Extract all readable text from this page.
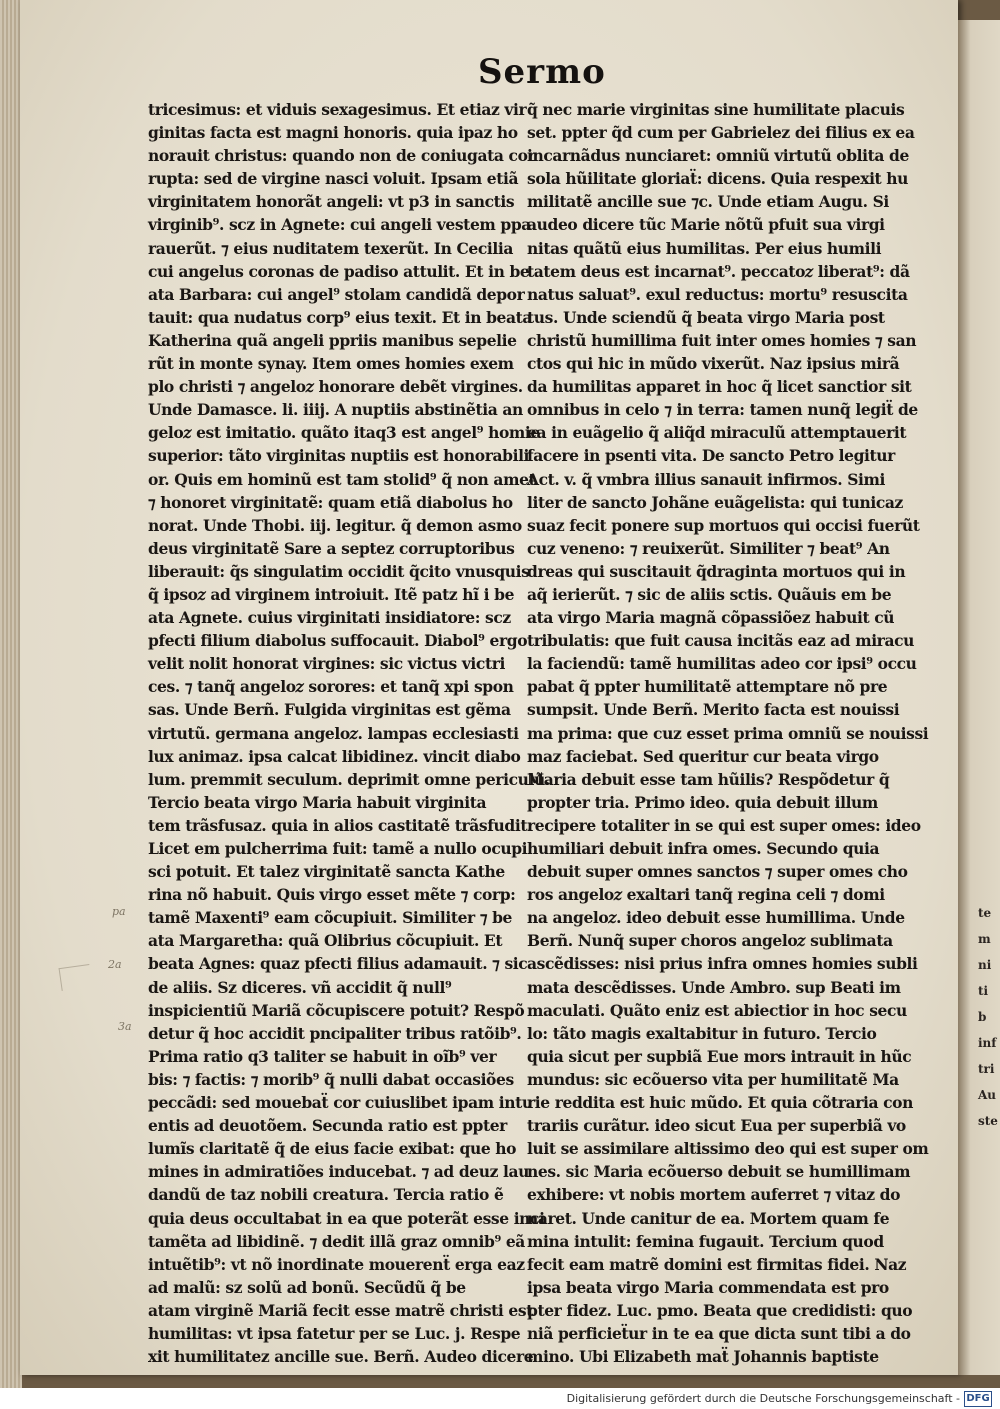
Sermo
tricesimus: et viduis sexagesimus. Et etiaz vir
ginitas facta est magni honoris. quia ipaz ho
norauit christus: quando non de coniugata cor
rupta: sed de virgine nasci voluit. Ipsam etiã
virginitatem honorãt angeli: vt p3 in sanctis
virginib⁹. scz in Agnete: cui angeli vestem ppa
rauerũt. ⁊ eius nuditatem texerũt. In Cecilia
cui angelus coronas de padiso attulit. Et in be
ata Barbara: cui angel⁹ stolam candidã depor
tauit: qua nudatus corp⁹ eius texit. Et in beata
Katherina quã angeli ppriis manibus sepelie
rũt in monte synay. Item omes homies exem
plo christi ⁊ angelo𝑧 honorare debẽt virgines.
Unde Damasce. li. iiij. A nuptiis abstinẽtia an
gelo𝑧 est imitatio. quãto itaq3 est angel⁹ homie
superior: tãto virginitas nuptiis est honorabili
or. Quis em hominũ est tam stolid⁹ q̃ non amet
⁊ honoret virginitatẽ: quam etiã diabolus ho
norat. Unde Thobi. iij. legitur. q̃ demon asmo
deus virginitatẽ Sare a septez corruptoribus
liberauit: q̃s singulatim occidit q̃cito vnusquis
q̃ ipso𝑧 ad virginem introiuit. Itẽ patz hĩ i be
ata Agnete. cuius virginitati insidiatore: scz
pfecti filium diabolus suffocauit. Diabol⁹ ergo
velit nolit honorat virgines: sic victus victri
ces. ⁊ tanq̃ angelo𝑧 sorores: et tanq̃ xpi spon
sas. Unde Berñ. Fulgida virginitas est gẽma
virtutũ. germana angelo𝑧. lampas ecclesiasti
lux animaz. ipsa calcat libidinez. vincit diabo
lum. premmit seculum. deprimit omne periculũ.
Tercio beata virgo Maria habuit virginita
tem trãsfusaz. quia in alios castitatẽ trãsfudit.
Licet em pulcherrima fuit: tamẽ a nullo ocupi
sci potuit. Et talez virginitatẽ sancta Kathe
rina nõ habuit. Quis virgo esset mẽte ⁊ corp:
tamẽ Maxenti⁹ eam cõcupiuit. Similiter ⁊ be
ata Margaretha: quã Olibrius cõcupiuit. Et
beata Agnes: quaz pfecti filius adamauit. ⁊ sic
de aliis. Sz diceres. vñ accidit q̃ null⁹
inspicientiũ Mariã cõcupiscere potuit? Respõ
detur q̃ hoc accidit pncipaliter tribus ratõib⁹.
Prima ratio q3 taliter se habuit in oĩb⁹ ver
bis: ⁊ factis: ⁊ morib⁹ q̃ nulli dabat occasiões
peccãdi: sed mouebaẗ cor cuiuslibet ipam intu
entis ad deuotõem. Secunda ratio est ppter
lumĩs claritatẽ q̃ de eius facie exibat: que ho
mines in admiratiões inducebat. ⁊ ad deuz lau
dandũ de taz nobili creatura. Tercia ratio ẽ
quia deus occultabat in ea que poterãt esse inci
tamẽta ad libidinẽ. ⁊ dedit illã graz omnib⁹ eã
intuẽtib⁹: vt nõ inordinate mouerenẗ erga eaz
ad malũ: sz solũ ad bonũ. Secũdũ q̃ be
atam virginẽ Mariã fecit esse matrẽ christi est
humilitas: vt ipsa fatetur per se Luc. j. Respe
xit humilitatez ancille sue. Berñ. Audeo dicere
q̃ nec marie virginitas sine humilitate placuis
set. ppter q̃d cum per Gabrielez dei filius ex ea
incarnãdus nunciaret: omniũ virtutũ oblita de
sola hũilitate gloriaẗ: dicens. Quia respexit hu
militatẽ ancille sue ⁊c. Unde etiam Augu. Si
audeo dicere tũc Marie nõtũ pfuit sua virgi
nitas quãtũ eius humilitas. Per eius humili
tatem deus est incarnat⁹. peccato𝑧 liberat⁹: dã
natus saluat⁹. exul reductus: mortu⁹ resuscita
tus. Unde sciendũ q̃ beata virgo Maria post
christũ humillima fuit inter omes homies ⁊ san
ctos qui hic in mũdo vixerũt. Naz ipsius mirã
da humilitas apparet in hoc q̃ licet sanctior sit
omnibus in celo ⁊ in terra: tamen nunq̃ legiẗ de
ea in euãgelio q̃ aliq̃d miraculũ attemptauerit
facere in psenti vita. De sancto Petro legitur
Act. v. q̃ vmbra illius sanauit infirmos. Simi
liter de sancto Johãne euãgelista: qui tunicaz
suaz fecit ponere sup mortuos qui occisi fuerũt
cuz veneno: ⁊ reuixerũt. Similiter ⁊ beat⁹ An
dreas qui suscitauit q̃draginta mortuos qui in
aq̃ ierierũt. ⁊ sic de aliis sctis. Quãuis em be
ata virgo Maria magnã cõpassiõez habuit cũ
tribulatis: que fuit causa incitãs eaz ad miracu
la faciendũ: tamẽ humilitas adeo cor ipsi⁹ occu
pabat q̃ ppter humilitatẽ attemptare nõ pre
sumpsit. Unde Berñ. Merito facta est nouissi
ma prima: que cuz esset prima omniũ se nouissi
maz faciebat. Sed queritur cur beata virgo
Maria debuit esse tam hũilis? Respõdetur q̃
propter tria. Primo ideo. quia debuit illum
recipere totaliter in se qui est super omes: ideo
humiliari debuit infra omes. Secundo quia
debuit super omnes sanctos ⁊ super omes cho
ros angelo𝑧 exaltari tanq̃ regina celi ⁊ domi
na angelo𝑧. ideo debuit esse humillima. Unde
Berñ. Nunq̃ super choros angelo𝑧 sublimata
ascẽdisses: nisi prius infra omnes homies subli
mata descẽdisses. Unde Ambro. sup Beati im
maculati. Quãto eniz est abiectior in hoc secu
lo: tãto magis exaltabitur in futuro. Tercio
quia sicut per supbiã Eue mors intrauit in hũc
mundus: sic ecõuerso vita per humilitatẽ Ma
rie reddita est huic mũdo. Et quia cõtraria con
trariis curãtur. ideo sicut Eua per superbiã vo
luit se assimilare altissimo deo qui est super om
nes. sic Maria ecõuerso debuit se humillimam
exhibere: vt nobis mortem auferret ⁊ vitaz do
naret. Unde canitur de ea. Mortem quam fe
mina intulit: femina fugauit. Tercium quod
fecit eam matrẽ domini est firmitas fidei. Naz
ipsa beata virgo Maria commendata est pro
pter fidez. Luc. pmo. Beata que credidisti: quo
niã perficieẗur in te ea que dicta sunt tibi a do
mino. Ubi Elizabeth maẗ Johannis baptiste
pa
2a
3a
te
m
ni
ti
b
inf
tri
Au
ste
Digitalisierung gefördert durch die Deutsche Forschungsgemeinschaft - DFG
